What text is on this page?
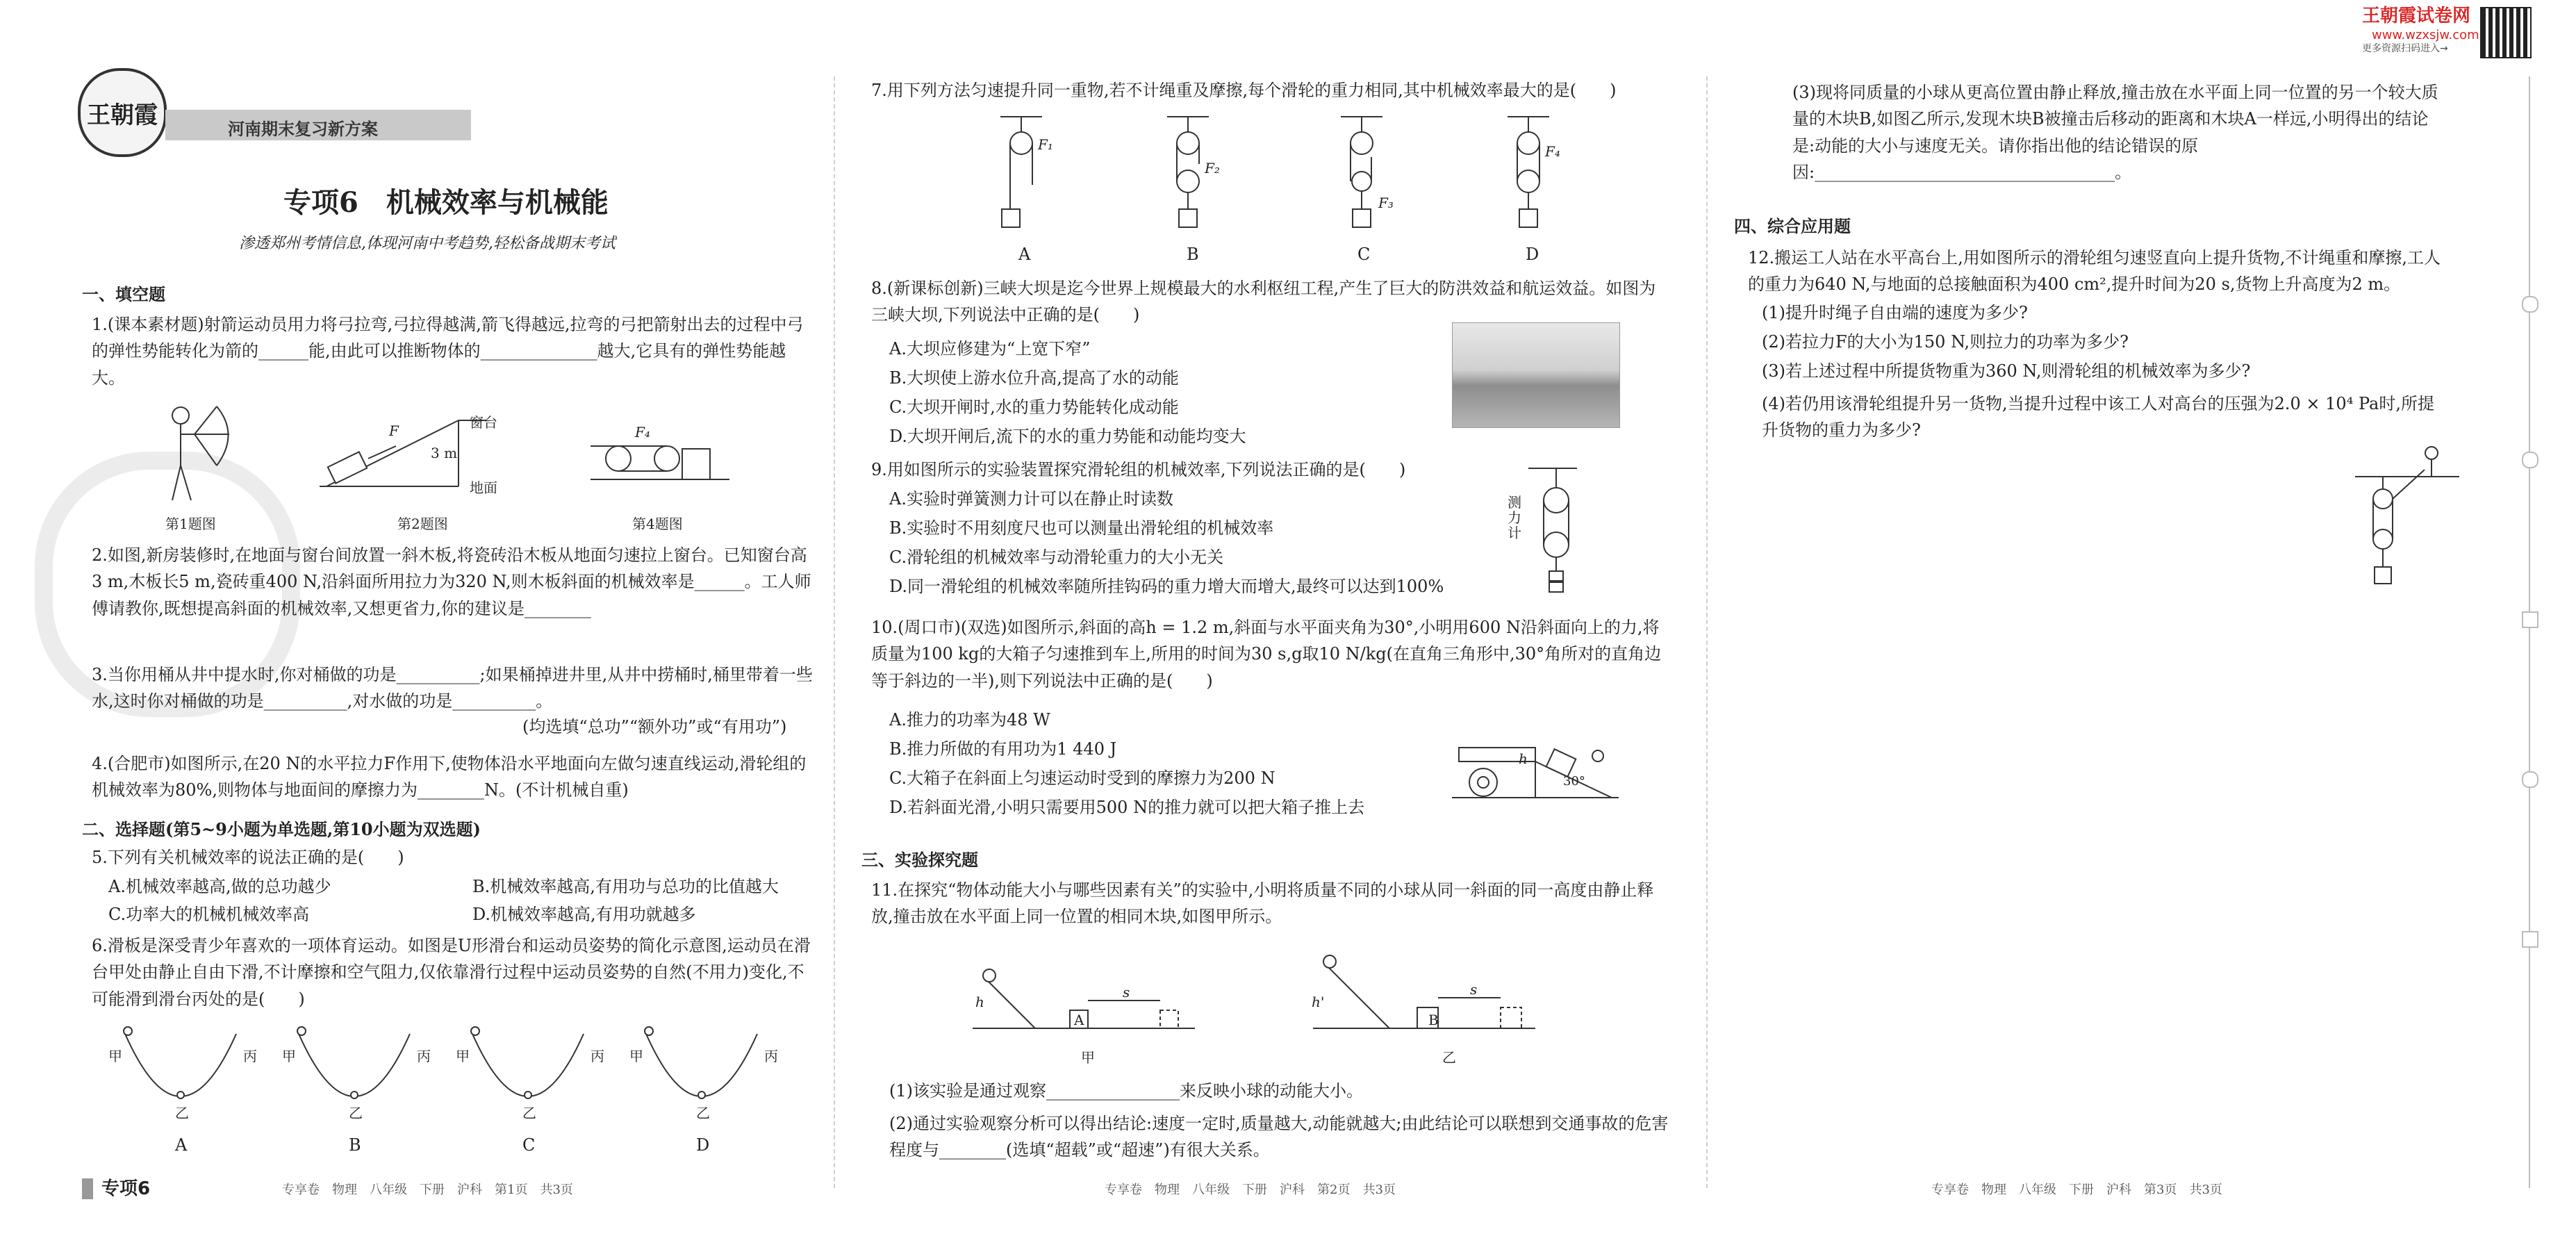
王朝霞	河南期末复习新方案
专项6　机械效率与机械能
渗透郑州考情信息,体现河南中考趋势,轻松备战期末考试
王朝霞试卷网
www.wzxsjw.com
更多资源扫码进入→
一、填空题
1.(课本素材题)射箭运动员用力将弓拉弯,弓拉得越满,箭飞得越远,拉弯的弓把箭射出去的过程中弓的弹性势能转化为箭的______能,由此可以推断物体的______________越大,它具有的弹性势能越大。
F	窗台
3 m
地面
F₄
第1题图	第2题图	第4题图
2.如图,新房装修时,在地面与窗台间放置一斜木板,将瓷砖沿木板从地面匀速拉上窗台。已知窗台高3 m,木板长5 m,瓷砖重400 N,沿斜面所用拉力为320 N,则木板斜面的机械效率是______。工人师傅请教你,既想提高斜面的机械效率,又想更省力,你的建议是________
3.当你用桶从井中提水时,你对桶做的功是__________;如果桶掉进井里,从井中捞桶时,桶里带着一些水,这时你对桶做的功是__________,对水做的功是__________。
(均选填“总功”“额外功”或“有用功”)
4.(合肥市)如图所示,在20 N的水平拉力F作用下,使物体沿水平地面向左做匀速直线运动,滑轮组的机械效率为80%,则物体与地面间的摩擦力为________N。(不计机械自重)
二、选择题(第5~9小题为单选题,第10小题为双选题)
5.下列有关机械效率的说法正确的是(　　)
A.机械效率越高,做的总功越少	B.机械效率越高,有用功与总功的比值越大
C.功率大的机械机械效率高	D.机械效率越高,有用功就越多
6.滑板是深受青少年喜欢的一项体育运动。如图是U形滑台和运动员姿势的简化示意图,运动员在滑台甲处由静止自由下滑,不计摩擦和空气阻力,仅依靠滑行过程中运动员姿势的自然(不用力)变化,不可能滑到滑台丙处的是(　　)
甲	丙
乙
甲	丙
乙
甲	丙
乙
甲	丙
乙
A	B	C	D
专项6	专享卷　物理　八年级　下册　沪科　第1页　共3页
7.用下列方法匀速提升同一重物,若不计绳重及摩擦,每个滑轮的重力相同,其中机械效率最大的是(　　)
F₁
F₂
F₃
F₄
A	B	C	D
8.(新课标创新)三峡大坝是迄今世界上规模最大的水利枢纽工程,产生了巨大的防洪效益和航运效益。如图为三峡大坝,下列说法中正确的是(　　)
A.大坝应修建为“上宽下窄”
B.大坝使上游水位升高,提高了水的动能
C.大坝开闸时,水的重力势能转化成动能
D.大坝开闸后,流下的水的重力势能和动能均变大
9.用如图所示的实验装置探究滑轮组的机械效率,下列说法正确的是(　　)
A.实验时弹簧测力计可以在静止时读数
B.实验时不用刻度尺也可以测量出滑轮组的机械效率
C.滑轮组的机械效率与动滑轮重力的大小无关
D.同一滑轮组的机械效率随所挂钩码的重力增大而增大,最终可以达到100%
测力计
10.(周口市)(双选)如图所示,斜面的高h = 1.2 m,斜面与水平面夹角为30°,小明用600 N沿斜面向上的力,将质量为100 kg的大箱子匀速推到车上,所用的时间为30 s,g取10 N/kg(在直角三角形中,30°角所对的直角边等于斜边的一半),则下列说法中正确的是(　　)
A.推力的功率为48 W
B.推力所做的有用功为1 440 J
C.大箱子在斜面上匀速运动时受到的摩擦力为200 N
D.若斜面光滑,小明只需要用500 N的推力就可以把大箱子推上去
h
30°
三、实验探究题
11.在探究“物体动能大小与哪些因素有关”的实验中,小明将质量不同的小球从同一斜面的同一高度由静止释放,撞击放在水平面上同一位置的相同木块,如图甲所示。
h
A
s
甲
h'
B
s
乙
(1)该实验是通过观察________________来反映小球的动能大小。
(2)通过实验观察分析可以得出结论:速度一定时,质量越大,动能就越大;由此结论可以联想到交通事故的危害程度与________(选填“超载”或“超速”)有很大关系。
专享卷　物理　八年级　下册　沪科　第2页　共3页
(3)现将同质量的小球从更高位置由静止释放,撞击放在水平面上同一位置的另一个较大质量的木块B,如图乙所示,发现木块B被撞击后移动的距离和木块A一样远,小明得出的结论是:动能的大小与速度无关。请你指出他的结论错误的原因:____________________________________。
四、综合应用题
12.搬运工人站在水平高台上,用如图所示的滑轮组匀速竖直向上提升货物,不计绳重和摩擦,工人的重力为640 N,与地面的总接触面积为400 cm²,提升时间为20 s,货物上升高度为2 m。
(1)提升时绳子自由端的速度为多少?
(2)若拉力F的大小为150 N,则拉力的功率为多少?
(3)若上述过程中所提货物重为360 N,则滑轮组的机械效率为多少?
(4)若仍用该滑轮组提升另一货物,当提升过程中该工人对高台的压强为2.0 × 10⁴ Pa时,所提升货物的重力为多少?
专享卷　物理　八年级　下册　沪科　第3页　共3页
